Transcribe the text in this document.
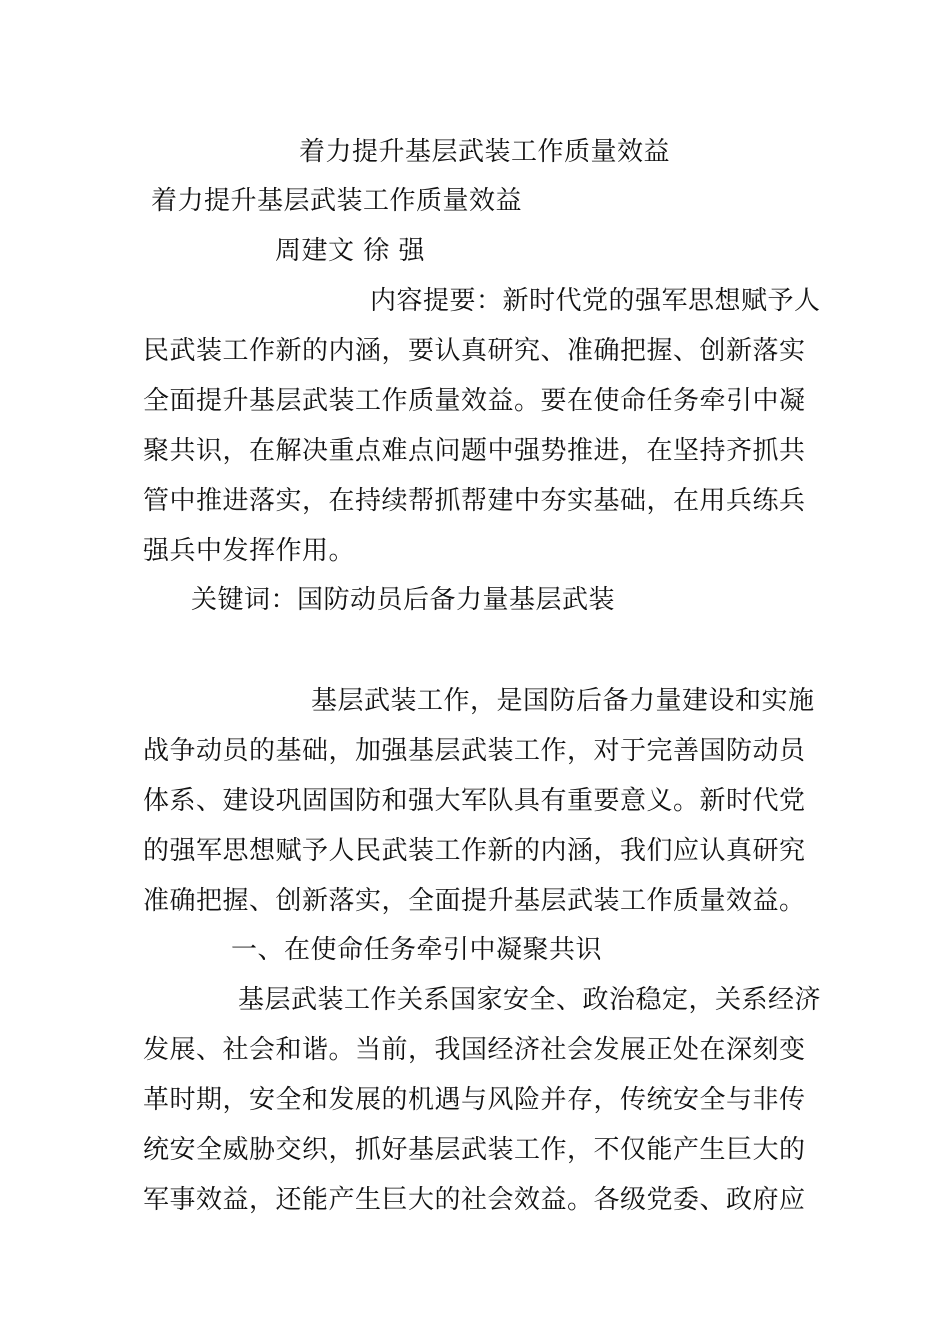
着力提升基层武装工作质量效益
着力提升基层武装工作质量效益
周建文 徐 强
内容提要：新时代党的强军思想赋予人
民武装工作新的内涵，要认真研究、准确把握、创新落实
全面提升基层武装工作质量效益。要在使命任务牵引中凝
聚共识，在解决重点难点问题中强势推进，在坚持齐抓共
管中推进落实，在持续帮抓帮建中夯实基础，在用兵练兵
强兵中发挥作用。
关键词：国防动员后备力量基层武装
基层武装工作，是国防后备力量建设和实施
战争动员的基础，加强基层武装工作，对于完善国防动员
体系、建设巩固国防和强大军队具有重要意义。新时代党
的强军思想赋予人民武装工作新的内涵，我们应认真研究
准确把握、创新落实，全面提升基层武装工作质量效益。
一、在使命任务牵引中凝聚共识
基层武装工作关系国家安全、政治稳定，关系经济
发展、社会和谐。当前，我国经济社会发展正处在深刻变
革时期，安全和发展的机遇与风险并存，传统安全与非传
统安全威胁交织，抓好基层武装工作，不仅能产生巨大的
军事效益，还能产生巨大的社会效益。各级党委、政府应
